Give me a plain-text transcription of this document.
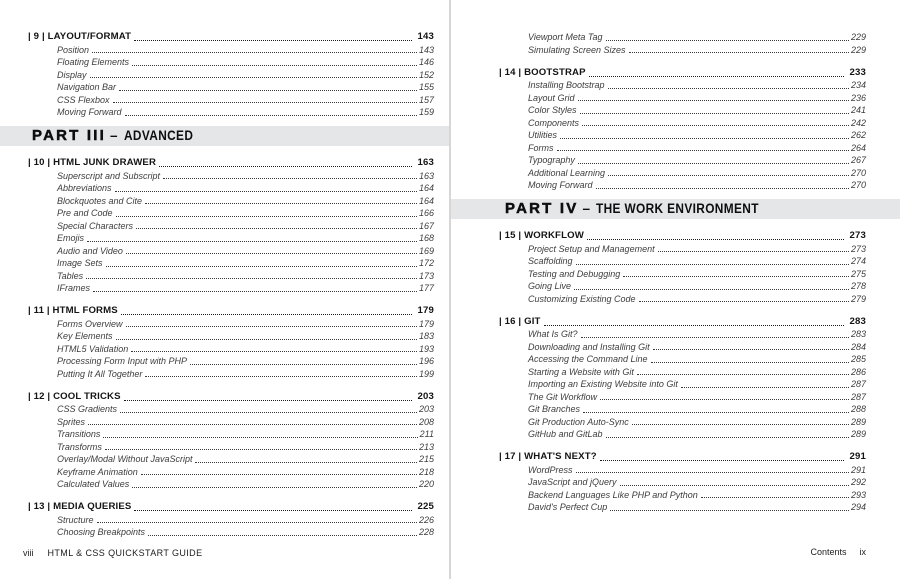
| 9 | LAYOUT/FORMAT	143
Position	143
Floating Elements	146
Display	152
Navigation Bar	155
CSS Flexbox	157
Moving Forward	159
PART III – ADVANCED
| 10 | HTML JUNK DRAWER	163
Superscript and Subscript	163
Abbreviations	164
Blockquotes and Cite	164
Pre and Code	166
Special Characters	167
Emojis	168
Audio and Video	169
Image Sets	172
Tables	173
IFrames	177
| 11 | HTML FORMS	179
Forms Overview	179
Key Elements	183
HTML5 Validation	193
Processing Form Input with PHP	196
Putting It All Together	199
| 12 | COOL TRICKS	203
CSS Gradients	203
Sprites	208
Transitions	211
Transforms	213
Overlay/Modal Without JavaScript	215
Keyframe Animation	218
Calculated Values	220
| 13 | MEDIA QUERIES	225
Structure	226
Choosing Breakpoints	228
viii HTML & CSS QUICKSTART GUIDE
Viewport Meta Tag	229
Simulating Screen Sizes	229
| 14 | BOOTSTRAP	233
Installing Bootstrap	234
Layout Grid	236
Color Styles	241
Components	242
Utilities	262
Forms	264
Typography	267
Additional Learning	270
Moving Forward	270
PART IV – THE WORK ENVIRONMENT
| 15 | WORKFLOW	273
Project Setup and Management	273
Scaffolding	274
Testing and Debugging	275
Going Live	278
Customizing Existing Code	279
| 16 | GIT	283
What Is Git?	283
Downloading and Installing Git	284
Accessing the Command Line	285
Starting a Website with Git	286
Importing an Existing Website into Git	287
The Git Workflow	287
Git Branches	288
Git Production Auto-Sync	289
GitHub and GitLab	289
| 17 | WHAT'S NEXT?	291
WordPress	291
JavaScript and jQuery	292
Backend Languages Like PHP and Python	293
David's Perfect Cup	294
Contents ix
